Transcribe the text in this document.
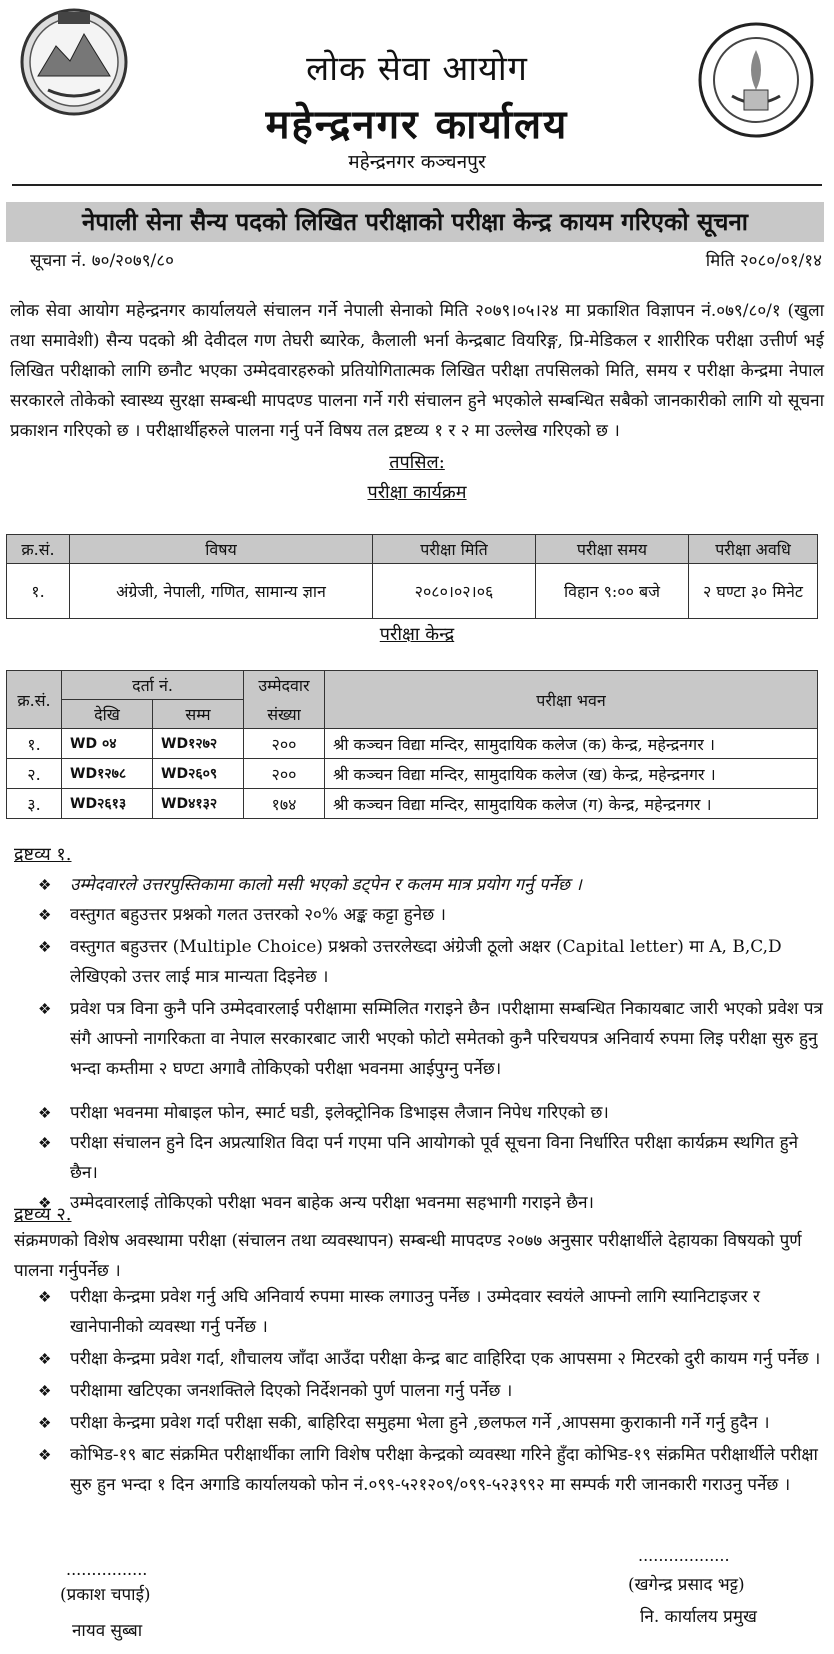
लोक सेवा आयोग
महेन्द्रनगर कार्यालय
महेन्द्रनगर कञ्चनपुर
नेपाली सेना सैन्य पदको लिखित परीक्षाको परीक्षा केन्द्र कायम गरिएको सूचना
सूचना नं. ७०/२०७९/८०	मिति २०८०/०१/१४
लोक सेवा आयोग महेन्द्रनगर कार्यालयले संचालन गर्ने नेपाली सेनाको मिति २०७९।०५।२४ मा प्रकाशित विज्ञापन नं.०७९/८०/१ (खुला तथा समावेशी) सैन्य पदको श्री देवीदल गण तेघरी ब्यारेक, कैलाली भर्ना केन्द्रबाट वियरिङ्ग, प्रि-मेडिकल र शारीरिक परीक्षा उत्तीर्ण भई लिखित परीक्षाको लागि छनौट भएका उम्मेदवारहरुको प्रतियोगितात्मक लिखित परीक्षा तपसिलको मिति, समय र परीक्षा केन्द्रमा नेपाल सरकारले तोकेको स्वास्थ्य सुरक्षा सम्बन्धी मापदण्ड पालना गर्ने गरी संचालन हुने भएकोले सम्बन्धित सबैको जानकारीको लागि यो सूचना प्रकाशन गरिएको छ । परीक्षार्थीहरुले पालना गर्नु पर्ने विषय तल द्रष्टव्य १ र २ मा उल्लेख गरिएको छ ।
तपसिल:
परीक्षा कार्यक्रम
क्र.सं.	विषय	परीक्षा मिति	परीक्षा समय	परीक्षा अवधि
१.	अंग्रेजी, नेपाली, गणित, सामान्य ज्ञान	२०८०।०२।०६	विहान ९:०० बजे	२ घण्टा ३० मिनेट
परीक्षा केन्द्र
क्र.सं.	दर्ता नं.		उम्मेदवार	परीक्षा भवन
	देखि	सम्म	संख्या	
१.	WD ०४	WD१२७२	२००	श्री कञ्चन विद्या मन्दिर, सामुदायिक कलेज (क) केन्द्र, महेन्द्रनगर ।
२.	WD१२७८	WD२६०९	२००	श्री कञ्चन विद्या मन्दिर, सामुदायिक कलेज (ख) केन्द्र, महेन्द्रनगर ।
३.	WD२६१३	WD४१३२	१७४	श्री कञ्चन विद्या मन्दिर, सामुदायिक कलेज (ग) केन्द्र, महेन्द्रनगर ।
द्रष्टव्य १.
❖ उम्मेदवारले उत्तरपुस्तिकामा कालो मसी भएको डट्पेन र कलम मात्र प्रयोग गर्नु पर्नेछ ।
❖ वस्तुगत बहुउत्तर प्रश्नको गलत उत्तरको २०% अङ्क कट्टा हुनेछ ।
❖ वस्तुगत बहुउत्तर (Multiple Choice) प्रश्नको उत्तरलेख्दा अंग्रेजी ठूलो अक्षर (Capital letter) मा A, B,C,D लेखिएको उत्तर लाई मात्र मान्यता दिइनेछ ।
❖ प्रवेश पत्र विना कुनै पनि उम्मेदवारलाई परीक्षामा सम्मिलित गराइने छैन ।परीक्षामा सम्बन्धित निकायबाट जारी भएको प्रवेश पत्र संगै आफ्नो नागरिकता वा नेपाल सरकारबाट जारी भएको फोटो समेतको कुनै परिचयपत्र अनिवार्य रुपमा लिइ परीक्षा सुरु हुनु भन्दा कम्तीमा २ घण्टा अगावै तोकिएको परीक्षा भवनमा आईपुग्नु पर्नेछ।
❖ परीक्षा भवनमा मोबाइल फोन, स्मार्ट घडी, इलेक्ट्रोनिक डिभाइस लैजान निपेध गरिएको छ।
❖ परीक्षा संचालन हुने दिन अप्रत्याशित विदा पर्न गएमा पनि आयोगको पूर्व सूचना विना निर्धारित परीक्षा कार्यक्रम स्थगित हुने छैन।
❖ उम्मेदवारलाई तोकिएको परीक्षा भवन बाहेक अन्य परीक्षा भवनमा सहभागी गराइने छैन।
द्रष्टव्य २.
संक्रमणको विशेष अवस्थामा परीक्षा (संचालन तथा व्यवस्थापन) सम्बन्धी मापदण्ड २०७७ अनुसार परीक्षार्थीले देहायका विषयको पुर्ण पालना गर्नुपर्नेछ ।
❖ परीक्षा केन्द्रमा प्रवेश गर्नु अघि अनिवार्य रुपमा मास्क लगाउनु पर्नेछ । उम्मेदवार स्वयंले आफ्नो लागि स्यानिटाइजर र खानेपानीको व्यवस्था गर्नु पर्नेछ ।
❖ परीक्षा केन्द्रमा प्रवेश गर्दा, शौचालय जाँदा आउँदा परीक्षा केन्द्र बाट वाहिरिदा एक आपसमा २ मिटरको दुरी कायम गर्नु पर्नेछ ।
❖ परीक्षामा खटिएका जनशक्तिले दिएको निर्देशनको पुर्ण पालना गर्नु पर्नेछ ।
❖ परीक्षा केन्द्रमा प्रवेश गर्दा परीक्षा सकी, बाहिरिदा समुहमा भेला हुने ,छलफल गर्ने ,आपसमा कुराकानी गर्ने गर्नु हुदैन ।
❖ कोभिड-१९ बाट संक्रमित परीक्षार्थीका लागि विशेष परीक्षा केन्द्रको व्यवस्था गरिने हुँदा कोभिड-१९ संक्रमित परीक्षार्थीले परीक्षा सुरु हुन भन्दा १ दिन अगाडि कार्यालयको फोन नं.०९९-५२१२०९/०९९-५२३९९२ मा सम्पर्क गरी जानकारी गराउनु पर्नेछ ।
................
(प्रकाश चपाई)
नायव सुब्बा
..................
(खगेन्द्र प्रसाद भट्ट)
नि. कार्यालय प्रमुख
